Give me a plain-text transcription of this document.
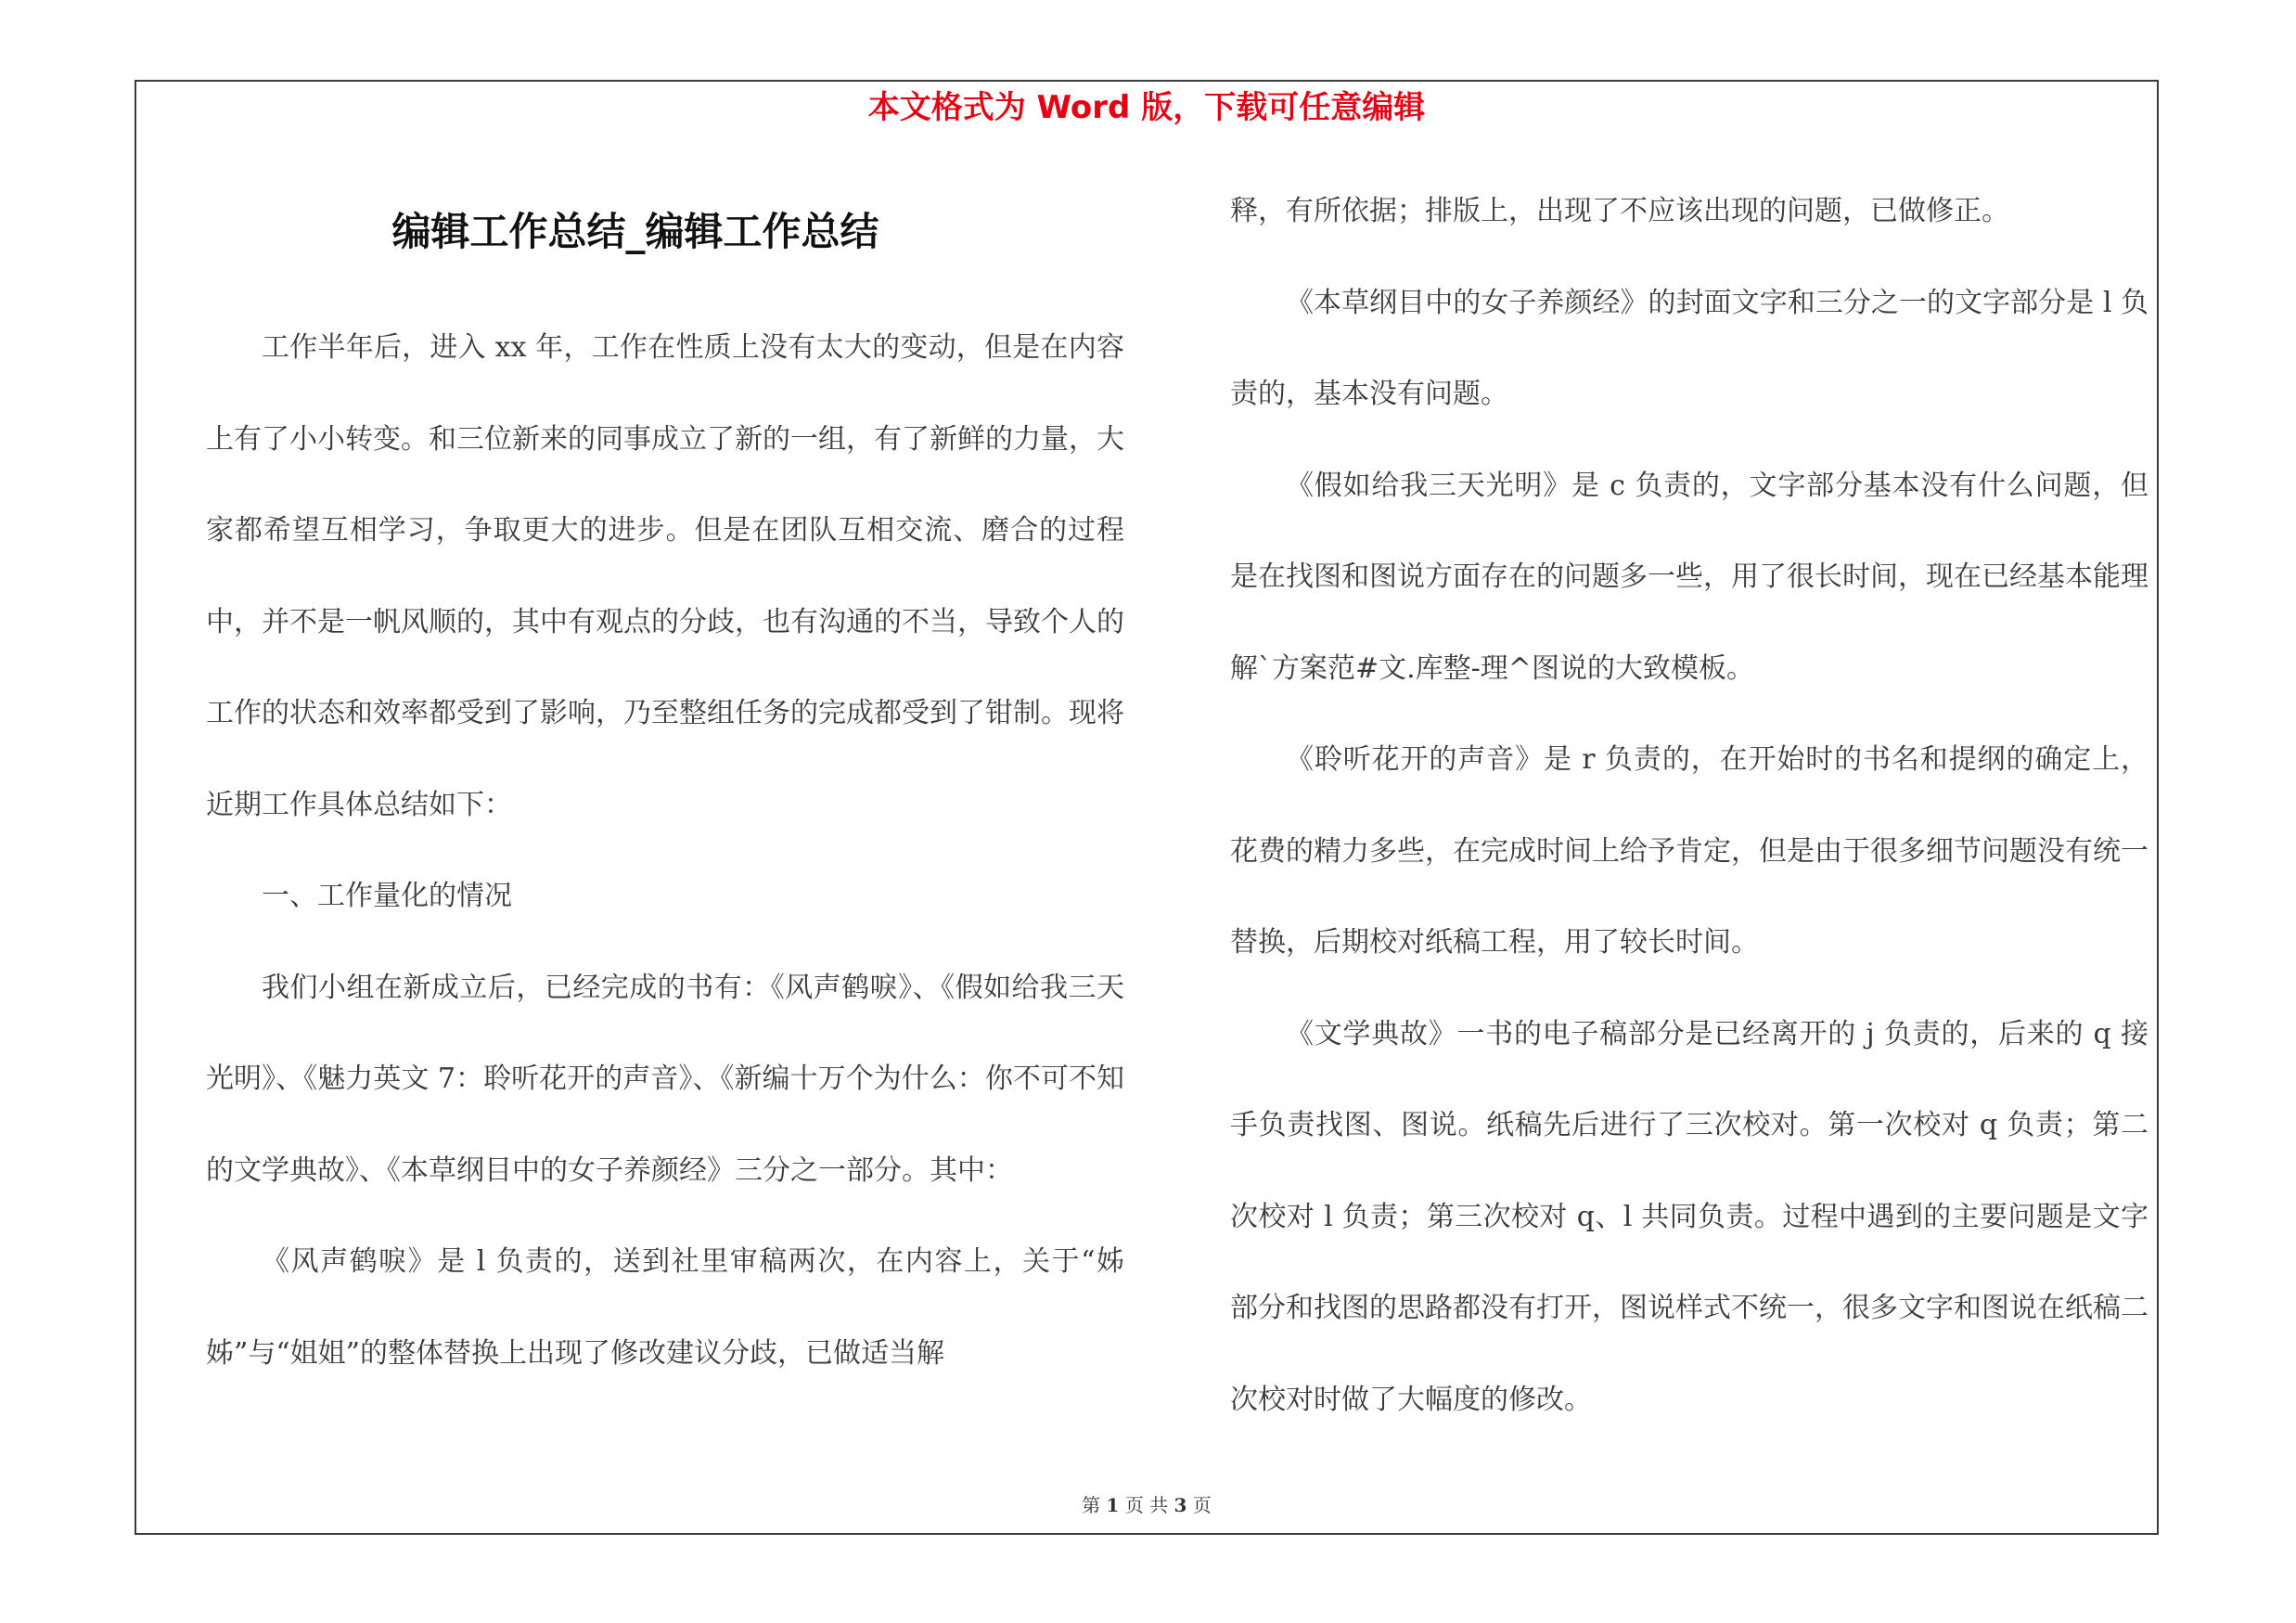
本文格式为 Word 版，下载可任意编辑
编辑工作总结_编辑工作总结

工作半年后，进入 xx 年，工作在性质上没有太大的变动，但是在内容上有了小小转变。和三位新来的同事成立了新的一组，有了新鲜的力量，大家都希望互相学习，争取更大的进步。但是在团队互相交流、磨合的过程中，并不是一帆风顺的，其中有观点的分歧，也有沟通的不当，导致个人的工作的状态和效率都受到了影响，乃至整组任务的完成都受到了钳制。现将近期工作具体总结如下：

一、工作量化的情况

我们小组在新成立后，已经完成的书有：《风声鹤唳》、《假如给我三天光明》、《魅力英文 7：聆听花开的声音》、《新编十万个为什么：你不可不知的文学典故》、《本草纲目中的女子养颜经》三分之一部分。其中：

《风声鹤唳》是 l 负责的，送到社里审稿两次，在内容上，关于“姊姊”与“姐姐”的整体替换上出现了修改建议分歧，已做适当解

释，有所依据；排版上，出现了不应该出现的问题，已做修正。

《本草纲目中的女子养颜经》的封面文字和三分之一的文字部分是 l 负责的，基本没有问题。

《假如给我三天光明》是 c 负责的，文字部分基本没有什么问题，但是在找图和图说方面存在的问题多一些，用了很长时间，现在已经基本能理解`方案范#文.库整-理^图说的大致模板。

《聆听花开的声音》是 r 负责的，在开始时的书名和提纲的确定上，花费的精力多些，在完成时间上给予肯定，但是由于很多细节问题没有统一替换，后期校对纸稿工程，用了较长时间。

《文学典故》一书的电子稿部分是已经离开的 j 负责的，后来的 q 接手负责找图、图说。纸稿先后进行了三次校对。第一次校对 q 负责；第二次校对 l 负责；第三次校对 q、l 共同负责。过程中遇到的主要问题是文字部分和找图的思路都没有打开，图说样式不统一，很多文字和图说在纸稿二次校对时做了大幅度的修改。

第 1 页 共 3 页
